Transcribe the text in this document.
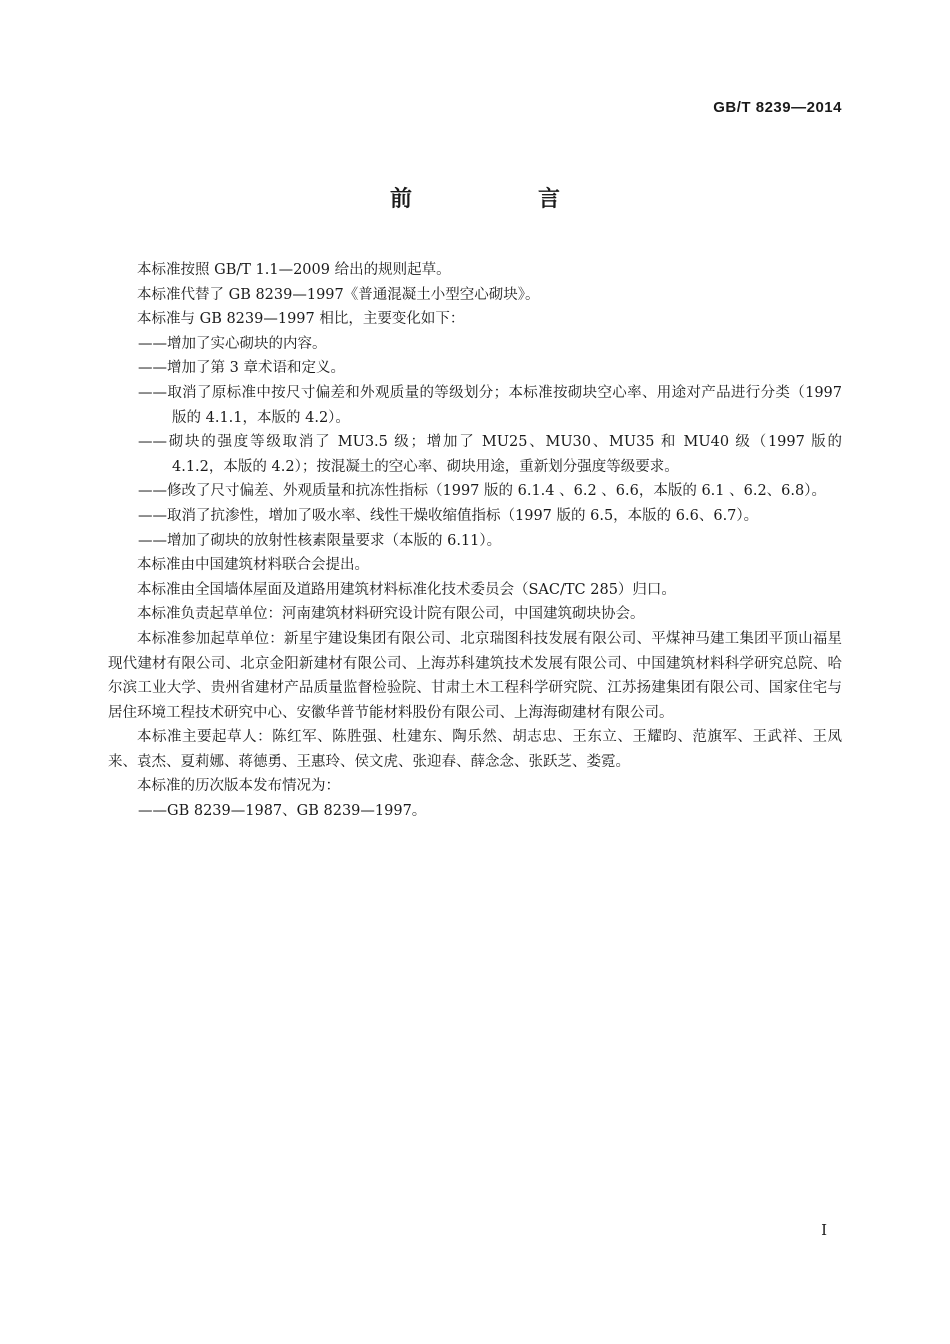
GB/T 8239—2014
前　言

本标准按照 GB/T 1.1—2009 给出的规则起草。

本标准代替了 GB 8239—1997《普通混凝土小型空心砌块》。

本标准与 GB 8239—1997 相比，主要变化如下：

——增加了实心砌块的内容。

——增加了第 3 章术语和定义。

——取消了原标准中按尺寸偏差和外观质量的等级划分；本标准按砌块空心率、用途对产品进行分类（1997 版的 4.1.1，本版的 4.2）。

——砌块的强度等级取消了 MU3.5 级；增加了 MU25、MU30、MU35 和 MU40 级（1997 版的 4.1.2，本版的 4.2）；按混凝土的空心率、砌块用途，重新划分强度等级要求。

——修改了尺寸偏差、外观质量和抗冻性指标（1997 版的 6.1.4 、6.2 、6.6，本版的 6.1 、6.2、6.8）。

——取消了抗渗性，增加了吸水率、线性干燥收缩值指标（1997 版的 6.5，本版的 6.6、6.7）。

——增加了砌块的放射性核素限量要求（本版的 6.11）。

本标准由中国建筑材料联合会提出。

本标准由全国墙体屋面及道路用建筑材料标准化技术委员会（SAC/TC 285）归口。

本标准负责起草单位：河南建筑材料研究设计院有限公司，中国建筑砌块协会。

本标准参加起草单位：新星宇建设集团有限公司、北京瑞图科技发展有限公司、平煤神马建工集团平顶山福星现代建材有限公司、北京金阳新建材有限公司、上海苏科建筑技术发展有限公司、中国建筑材料科学研究总院、哈尔滨工业大学、贵州省建材产品质量监督检验院、甘肃土木工程科学研究院、江苏扬建集团有限公司、国家住宅与居住环境工程技术研究中心、安徽华普节能材料股份有限公司、上海海砌建材有限公司。

本标准主要起草人：陈红军、陈胜强、杜建东、陶乐然、胡志忠、王东立、王耀昀、范旗军、王武祥、王凤来、袁杰、夏莉娜、蒋德勇、王惠玲、侯文虎、张迎春、薛念念、张跃芝、娄霓。

本标准的历次版本发布情况为：

——GB 8239—1987、GB 8239—1997。

I
